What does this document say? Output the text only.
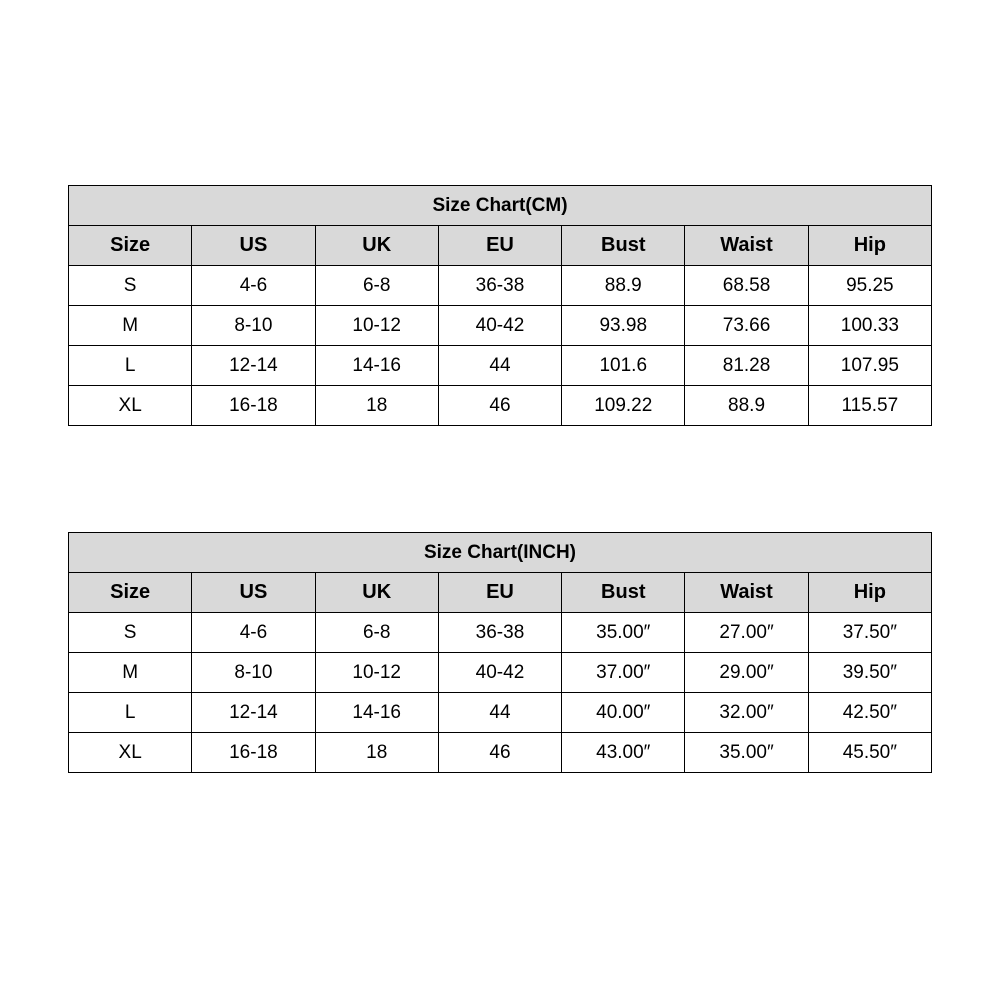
Size Chart(CM)						
Size	US	UK	EU	Bust	Waist	Hip
S	4-6	6-8	36-38	88.9	68.58	95.25
M	8-10	10-12	40-42	93.98	73.66	100.33
L	12-14	14-16	44	101.6	81.28	107.95
XL	16-18	18	46	109.22	88.9	115.57
Size Chart(INCH)						
Size	US	UK	EU	Bust	Waist	Hip
S	4-6	6-8	36-38	35.00″	27.00″	37.50″
M	8-10	10-12	40-42	37.00″	29.00″	39.50″
L	12-14	14-16	44	40.00″	32.00″	42.50″
XL	16-18	18	46	43.00″	35.00″	45.50″
